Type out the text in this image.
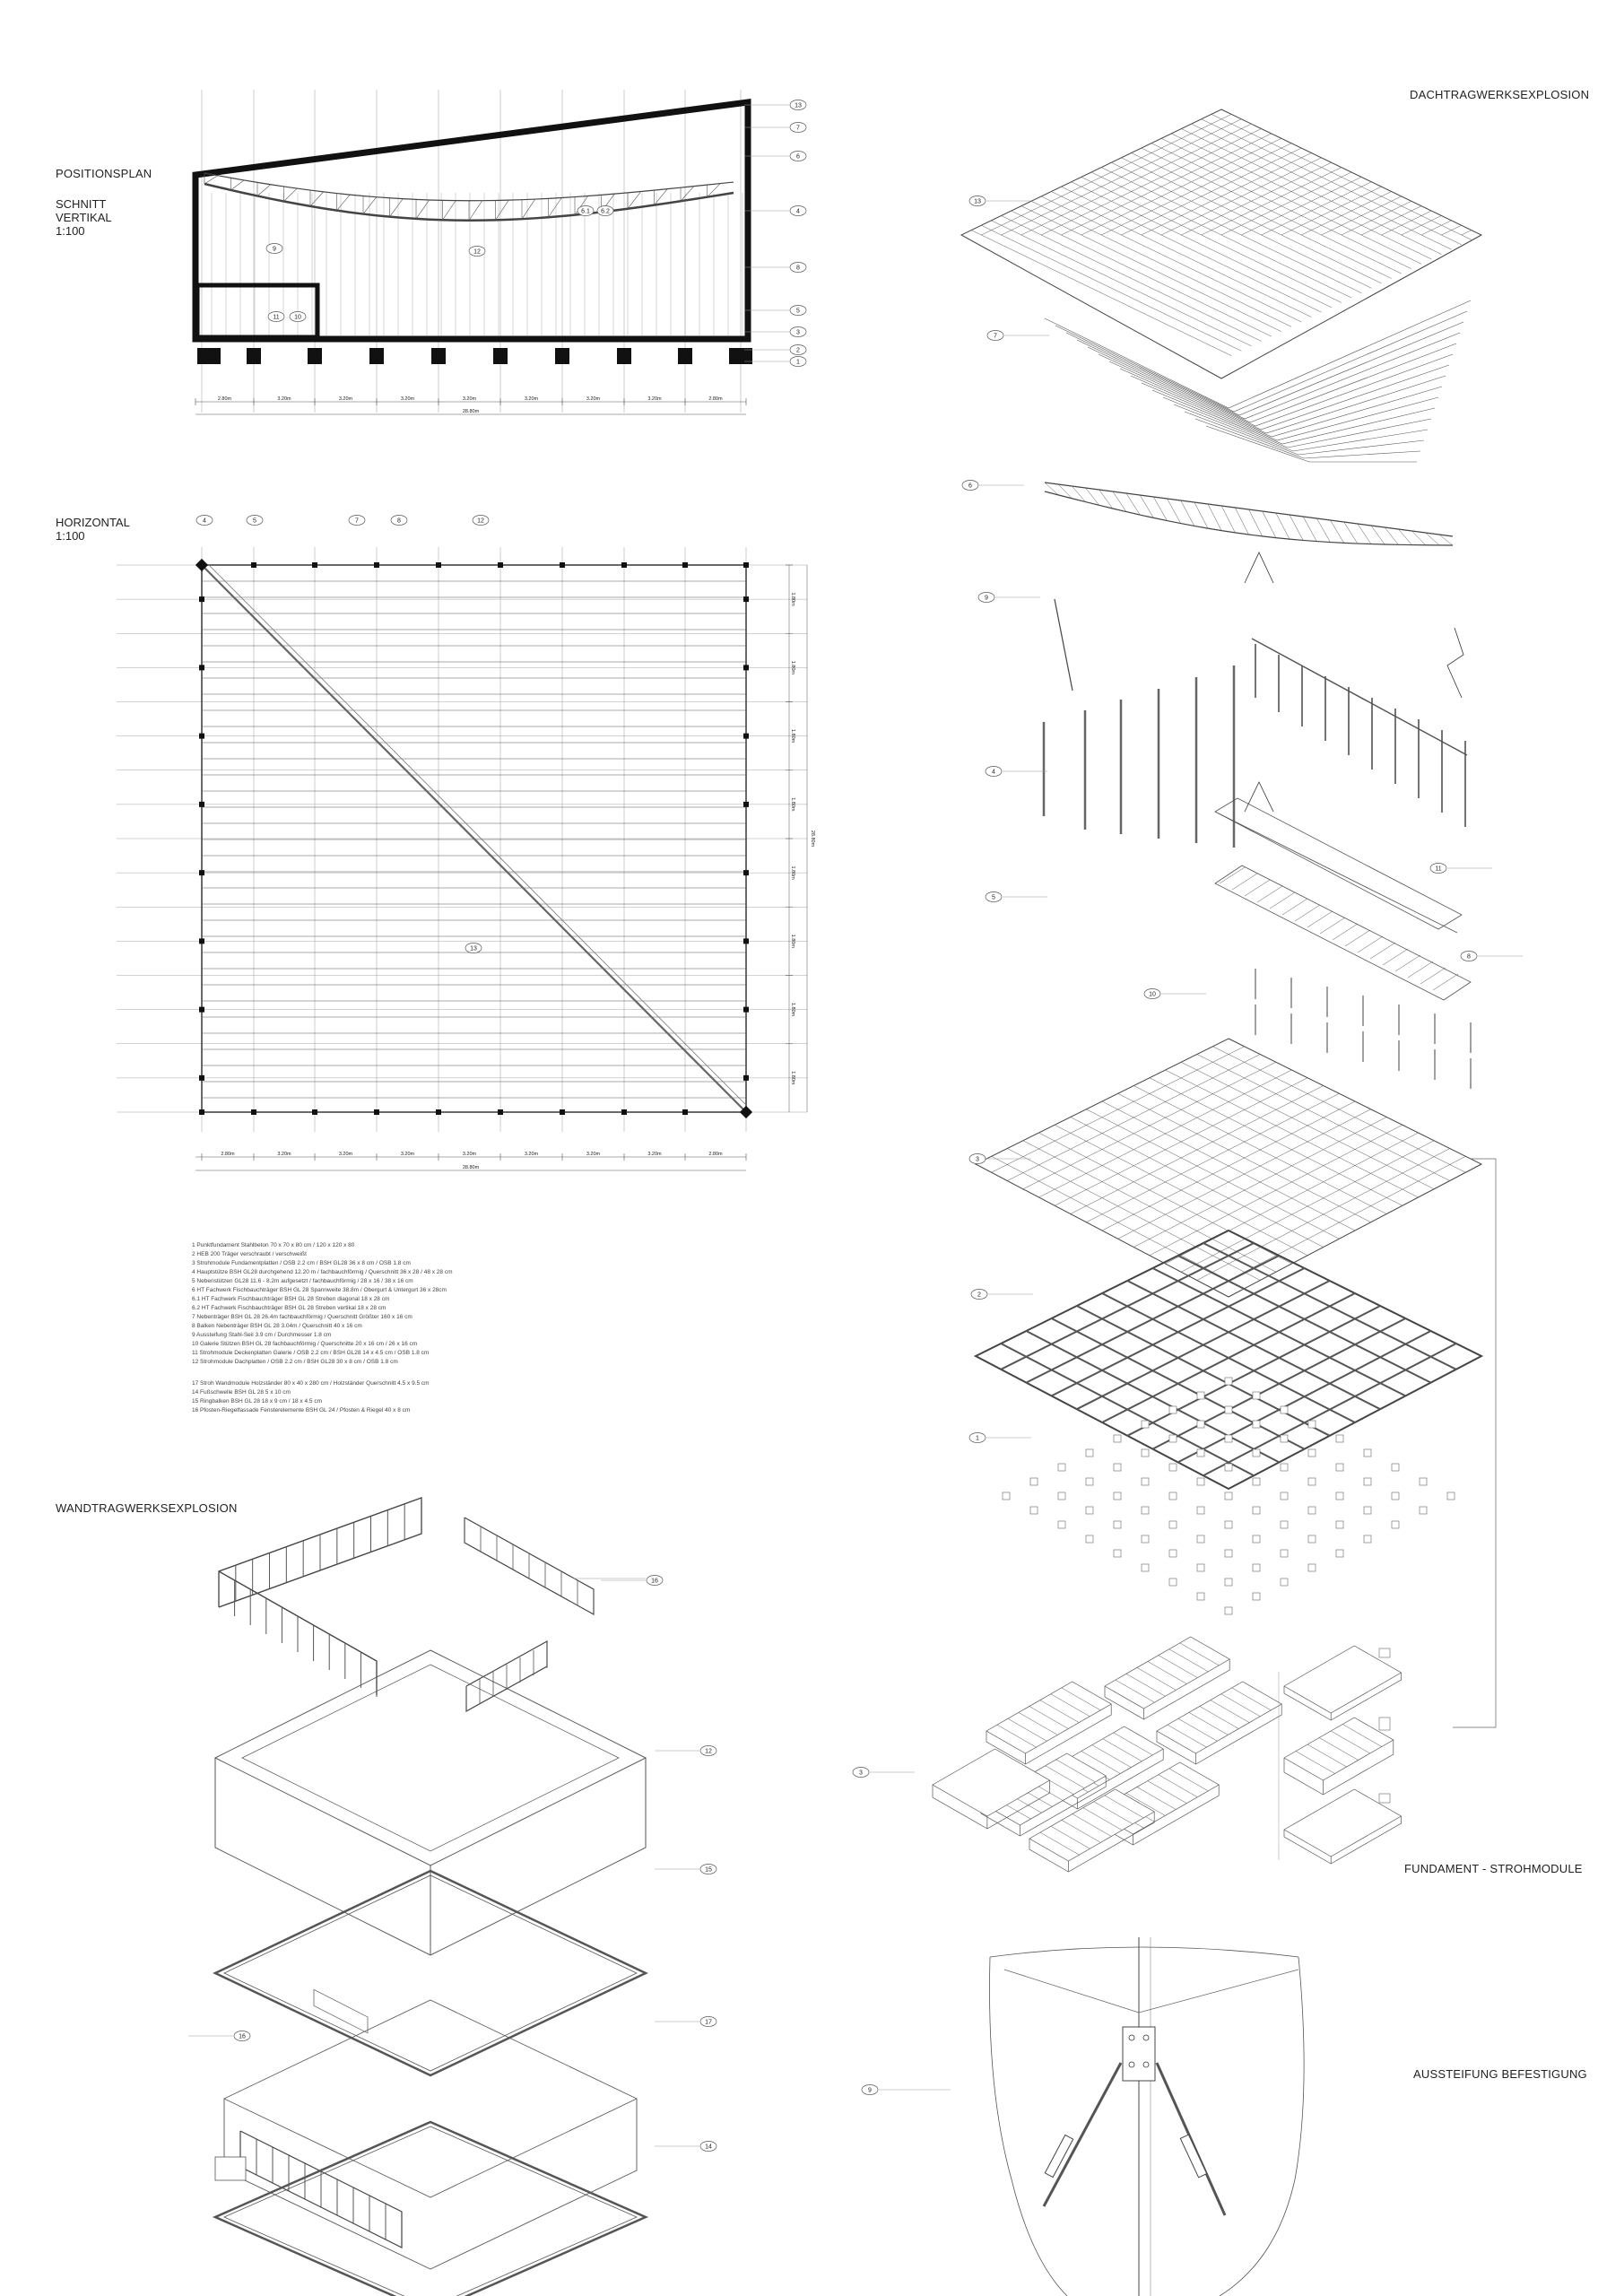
9	12
6.1 6.2
11 10
13
7
6
4
8
5
3
2
1
2.80m	3.20m	3.20m	3.20m	3.20m	3.20m	3.20m	3.20m	2.80m
28.80m
4	5	7	8	12
13
2.80m	3.20m	3.20m	3.20m	3.20m	3.20m	3.20m	3.20m	2.80m
28.80m
1.80m
1.80m
1.80m
1.80m
1.80m
1.80m
1.80m
1.80m
28.80m
13
7
6
9
4
5
10
11
8
3
2
1
3
16
12
15
16
17
14
9
POSITIONSPLAN
SCHNITT
VERTIKAL
1:100
HORIZONTAL
1:100
DACHTRAGWERKSEXPLOSION
WANDTRAGWERKSEXPLOSION
FUNDAMENT - STROHMODULE
AUSSTEIFUNG BEFESTIGUNG
1 Punktfundament Stahlbeton 70 x 70 x 80 cm / 120 x 120 x 80
2 HEB 200 Träger verschraubt / verschweißt
3 Strohmodule Fundamentplatten / OSB 2.2 cm / BSH GL28 36 x 8 cm / OSB 1.8 cm
4 Hauptstütze BSH GL28 durchgehend 12.20 m / fachbauchförmig / Querschnitt 36 x 28 / 48 x 28 cm
5 Nebenstützen GL28 11.6 - 8.2m aufgesetzt / fachbauchförmig / 28 x 16 / 38 x 16 cm
6 HT Fachwerk Fischbauchträger BSH GL 28 Spannweite 38.8m / Obergurt & Untergurt 36 x 28cm
6.1 HT Fachwerk Fischbauchträger BSH GL 28 Streben diagonal 18 x 28 cm
6.2 HT Fachwerk Fischbauchträger BSH GL 28 Streben vertikal 18 x 28 cm
7 Nebenträger BSH GL 28 26.4m fachbauchförmig / Querschnitt Größter 160 x 16 cm
8 Balken Nebenträger BSH GL 28 3.04m / Querschnitt 40 x 16 cm
9 Aussteifung Stahl-Seil 3.9 cm / Durchmesser 1.8 cm
10 Galerie Stützen BSH GL 28 fachbauchförmig / Querschnitte 20 x 16 cm / 26 x 16 cm
11 Strohmodule Deckenplatten Galerie / OSB 2.2 cm / BSH GL28 14 x 4.5 cm / OSB 1.8 cm
12 Strohmodule Dachplatten / OSB 2.2 cm / BSH GL28 30 x 8 cm / OSB 1.8 cm
17 Stroh Wandmodule Holzständer 80 x 40 x 280 cm / Holzständer Querschnitt 4.5 x 9.5 cm
14 Fußschwelle BSH GL 28 5 x 10 cm
15 Ringbalken BSH GL 28 18 x 9 cm / 18 x 4.5 cm
16 Pfosten-Riegelfassade Fensterelemente BSH GL 24 / Pfosten & Riegel 40 x 8 cm
